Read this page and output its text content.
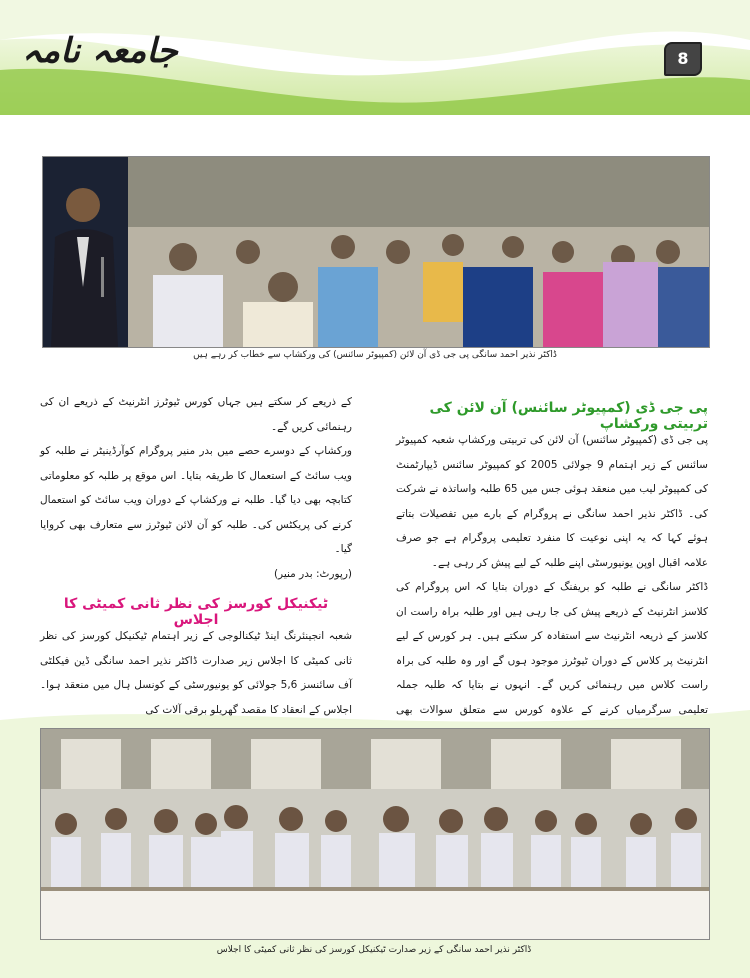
جامعہ نامہ	8
ڈاکٹر نذیر احمد سانگی پی جی ڈی آن لائن (کمپیوٹر سائنس) کی ورکشاپ سے خطاب کر رہے ہیں
پی جی ڈی (کمپیوٹر سائنس) آن لائن کی تربیتی ورکشاپ
پی جی ڈی (کمپیوٹر سائنس) آن لائن کی تربیتی ورکشاپ شعبہ کمپیوٹر سائنس کے زیر اہتمام 9 جولائی 2005 کو کمپیوٹر سائنس ڈیپارٹمنٹ کی کمپیوٹر لیب میں منعقد ہوئی جس میں 65 طلبہ واساتذہ نے شرکت کی۔ ڈاکٹر نذیر احمد سانگی نے پروگرام کے بارے میں تفصیلات بتاتے ہوئے کہا کہ یہ اپنی نوعیت کا منفرد تعلیمی پروگرام ہے جو صرف علامہ اقبال اوپن یونیورسٹی اپنے طلبہ کے لیے پیش کر رہی ہے۔
ڈاکٹر سانگی نے طلبہ کو بریفنگ کے دوران بتایا کہ اس پروگرام کی کلاسز انٹرنیٹ کے ذریعے پیش کی جا رہی ہیں اور طلبہ براہ راست ان کلاسز کے ذریعہ انٹرنیٹ سے استفادہ کر سکتے ہیں۔ ہر کورس کے لیے انٹرنیٹ پر کلاس کے دوران ٹیوٹرز موجود ہوں گے اور وہ طلبہ کی براہ راست کلاس میں رہنمائی کریں گے۔ انہوں نے بتایا کہ طلبہ جملہ تعلیمی سرگرمیاں کرنے کے علاوہ کورس سے متعلق سوالات بھی
کے ذریعے کر سکتے ہیں جہاں کورس ٹیوٹرز انٹرنیٹ کے ذریعے ان کی رہنمائی کریں گے۔
ورکشاپ کے دوسرے حصے میں بدر منیر پروگرام کوآرڈینیٹر نے طلبہ کو ویب سائٹ کے استعمال کا طریقہ بتایا۔ اس موقع پر طلبہ کو معلوماتی کتابچہ بھی دیا گیا۔ طلبہ نے ورکشاپ کے دوران ویب سائٹ کو استعمال کرنے کی پریکٹس کی۔ طلبہ کو آن لائن ٹیوٹرز سے متعارف بھی کروایا گیا۔
(رپورٹ: بدر منیر)
ٹیکنیکل کورسز کی نظر ثانی کمیٹی کا اجلاس
شعبہ انجینئرنگ اینڈ ٹیکنالوجی کے زیر اہتمام ٹیکنیکل کورسز کی نظر ثانی کمیٹی کا اجلاس زیر صدارت ڈاکٹر نذیر احمد سانگی ڈین فیکلٹی آف سائنسز 5,6 جولائی کو یونیورسٹی کے کونسل ہال میں منعقد ہوا۔ اجلاس کے انعقاد کا مقصد گھریلو برقی آلات کی
ڈاکٹر نذیر احمد سانگی کے زیر صدارت ٹیکنیکل کورسز کی نظر ثانی کمیٹی کا اجلاس
